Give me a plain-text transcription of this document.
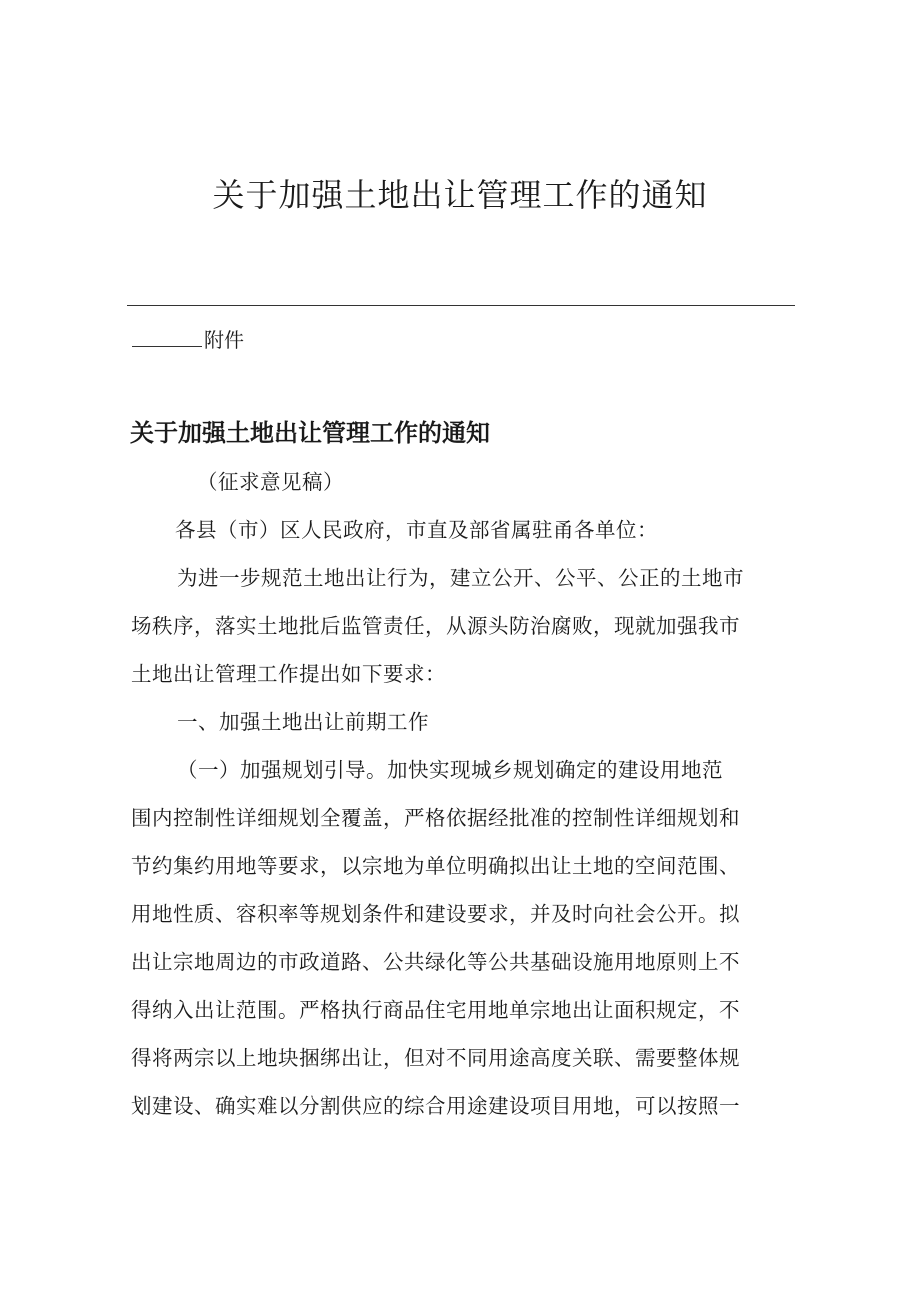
关于加强土地出让管理工作的通知
附件
关于加强土地出让管理工作的通知
（征求意见稿）
各县（市）区人民政府，市直及部省属驻甬各单位：
为进一步规范土地出让行为，建立公开、公平、公正的土地市
场秩序，落实土地批后监管责任，从源头防治腐败，现就加强我市
土地出让管理工作提出如下要求：
一、加强土地出让前期工作
（一）加强规划引导。加快实现城乡规划确定的建设用地范
围内控制性详细规划全覆盖，严格依据经批准的控制性详细规划和
节约集约用地等要求，以宗地为单位明确拟出让土地的空间范围、
用地性质、容积率等规划条件和建设要求，并及时向社会公开。拟
出让宗地周边的市政道路、公共绿化等公共基础设施用地原则上不
得纳入出让范围。严格执行商品住宅用地单宗地出让面积规定，不
得将两宗以上地块捆绑出让，但对不同用途高度关联、需要整体规
划建设、确实难以分割供应的综合用途建设项目用地，可以按照一
